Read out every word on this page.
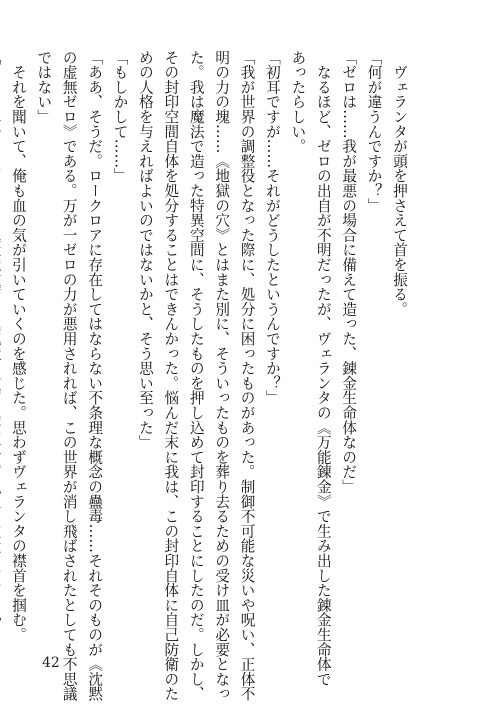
　ヴェランタが頭を押さえて首を振る。
「何が違うんですか？」
「ゼロは……我が最悪の場合に備えて造った、錬金生命体なのだ」
　なるほど、ゼロの出自が不明だったが、ヴェランタの《万能錬金》で生み出した錬金生命体で
あったらしい。
「初耳ですが……それがどうしたというんですか？」
「我が世界の調整役となった際に、処分に困ったものがあった。制御不可能な災いや呪い、正体不
明の力の塊……《地獄の穴》とはまた別に、そういったものを葬り去るための受け皿が必要となっ
た。我は魔法で造った特異空間に、そうしたものを押し込めて封印することにしたのだ。しかし、
その封印空間自体を処分することはできんかった。悩んだ末に我は、この封印自体に自己防衛のた
めの人格を与えればよいのではないかと、そう思い至った」
「もしかして……」
「ああ、そうだ。ロークロアに存在してはならない不条理な概念の蠱毒……それそのものが《沈黙
の虚無ゼロ》である。万が一ゼロの力が悪用されれば、この世界が消し飛ばされたとしても不思議
ではない」
　それを聞いて、俺も血の気が引いていくのを感じた。思わずヴェランタの襟首を掴む。
42
